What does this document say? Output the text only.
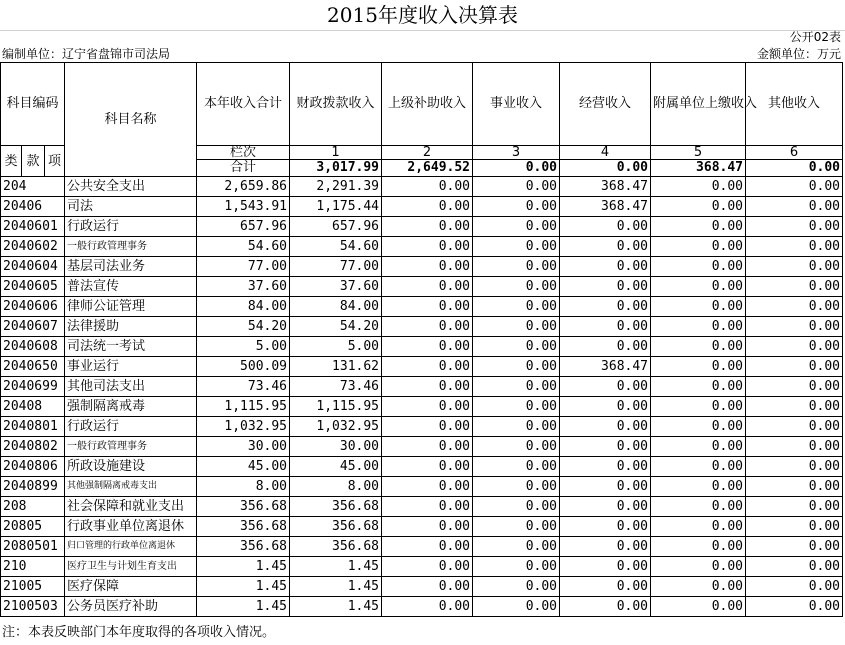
2015年度收入决算表
公开02表
编制单位：辽宁省盘锦市司法局	金额单位：万元
科目编码			科目名称	本年收入合计	财政拨款收入	上级补助收入	事业收入	经营收入	附属单位上缴收入	其他收入	
类	款	项		栏次	1	2	3	4	5	6	
				合计	3,017.99	2,649.52	0.00	0.00	368.47	0.00	
204			公共安全支出	2,659.86	2,291.39	0.00	0.00	368.47	0.00	0.00	
20406			司法	1,543.91	1,175.44	0.00	0.00	368.47	0.00	0.00	
2040601			行政运行	657.96	657.96	0.00	0.00	0.00	0.00	0.00	
2040602			一般行政管理事务	54.60	54.60	0.00	0.00	0.00	0.00	0.00	
2040604			基层司法业务	77.00	77.00	0.00	0.00	0.00	0.00	0.00	
2040605			普法宣传	37.60	37.60	0.00	0.00	0.00	0.00	0.00	
2040606			律师公证管理	84.00	84.00	0.00	0.00	0.00	0.00	0.00	
2040607			法律援助	54.20	54.20	0.00	0.00	0.00	0.00	0.00	
2040608			司法统一考试	5.00	5.00	0.00	0.00	0.00	0.00	0.00	
2040650			事业运行	500.09	131.62	0.00	0.00	368.47	0.00	0.00	
2040699			其他司法支出	73.46	73.46	0.00	0.00	0.00	0.00	0.00	
20408			强制隔离戒毒	1,115.95	1,115.95	0.00	0.00	0.00	0.00	0.00	
2040801			行政运行	1,032.95	1,032.95	0.00	0.00	0.00	0.00	0.00	
2040802			一般行政管理事务	30.00	30.00	0.00	0.00	0.00	0.00	0.00	
2040806			所政设施建设	45.00	45.00	0.00	0.00	0.00	0.00	0.00	
2040899			其他强制隔离戒毒支出	8.00	8.00	0.00	0.00	0.00	0.00	0.00	
208			社会保障和就业支出	356.68	356.68	0.00	0.00	0.00	0.00	0.00	
20805			行政事业单位离退休	356.68	356.68	0.00	0.00	0.00	0.00	0.00	
2080501			归口管理的行政单位离退休	356.68	356.68	0.00	0.00	0.00	0.00	0.00	
210			医疗卫生与计划生育支出	1.45	1.45	0.00	0.00	0.00	0.00	0.00	
21005			医疗保障	1.45	1.45	0.00	0.00	0.00	0.00	0.00	
2100503			公务员医疗补助	1.45	1.45	0.00	0.00	0.00	0.00	0.00	
注：本表反映部门本年度取得的各项收入情况。
